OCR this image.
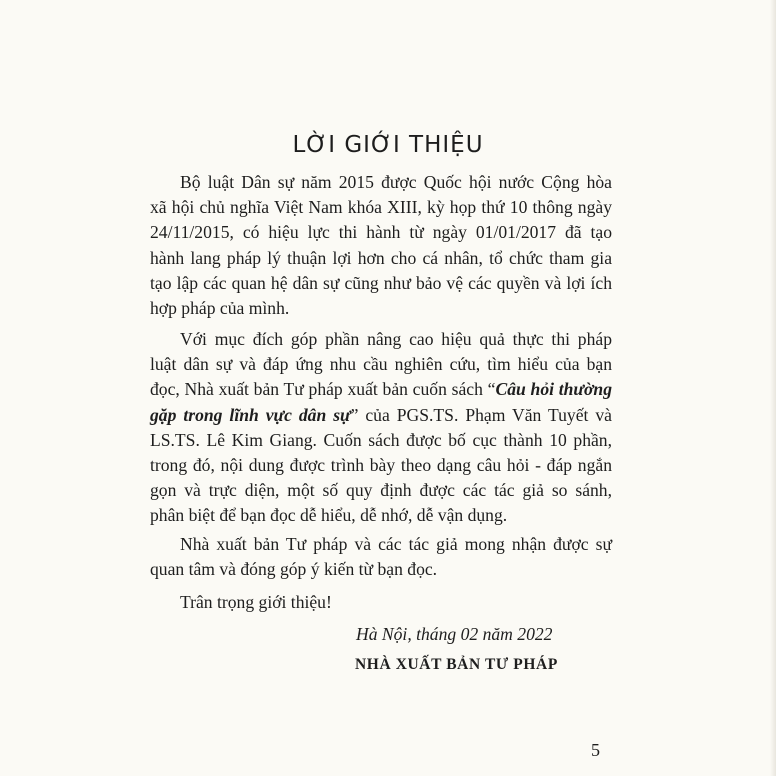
LỜI GIỚI THIỆU
Bộ luật Dân sự năm 2015 được Quốc hội nước Cộng hòa
xã hội chủ nghĩa Việt Nam khóa XIII, kỳ họp thứ 10 thông ngày
24/11/2015, có hiệu lực thi hành từ ngày 01/01/2017 đã tạo
hành lang pháp lý thuận lợi hơn cho cá nhân, tổ chức tham gia
tạo lập các quan hệ dân sự cũng như bảo vệ các quyền và lợi ích
hợp pháp của mình.
Với mục đích góp phần nâng cao hiệu quả thực thi pháp
luật dân sự và đáp ứng nhu cầu nghiên cứu, tìm hiểu của bạn
đọc, Nhà xuất bản Tư pháp xuất bản cuốn sách “Câu hỏi thường
gặp trong lĩnh vực dân sự” của PGS.TS. Phạm Văn Tuyết và
LS.TS. Lê Kim Giang. Cuốn sách được bố cục thành 10 phần,
trong đó, nội dung được trình bày theo dạng câu hỏi - đáp ngắn
gọn và trực diện, một số quy định được các tác giả so sánh,
phân biệt để bạn đọc dễ hiểu, dễ nhớ, dễ vận dụng.
Nhà xuất bản Tư pháp và các tác giả mong nhận được sự
quan tâm và đóng góp ý kiến từ bạn đọc.
Trân trọng giới thiệu!
Hà Nội, tháng 02 năm 2022
NHÀ XUẤT BẢN TƯ PHÁP
5
